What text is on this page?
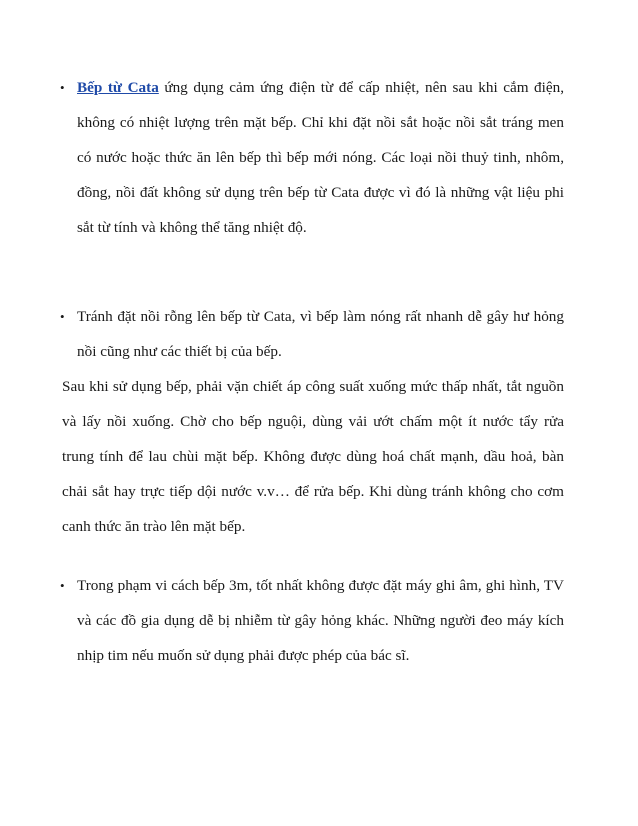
• Bếp từ Cata ứng dụng cảm ứng điện từ để cấp nhiệt, nên sau khi cắm điện, không có nhiệt lượng trên mặt bếp. Chỉ khi đặt nồi sắt hoặc nồi sắt tráng men có nước hoặc thức ăn lên bếp thì bếp mới nóng. Các loại nồi thuỷ tinh, nhôm, đồng, nồi đất không sử dụng trên bếp từ Cata được vì đó là những vật liệu phi sắt từ tính và không thể tăng nhiệt độ.
• Tránh đặt nồi rỗng lên bếp từ Cata, vì bếp làm nóng rất nhanh dễ gây hư hỏng nồi cũng như các thiết bị của bếp.
Sau khi sử dụng bếp, phải vặn chiết áp công suất xuống mức thấp nhất, tắt nguồn và lấy nồi xuống. Chờ cho bếp nguội, dùng vải ướt chấm một ít nước tẩy rửa trung tính để lau chùi mặt bếp. Không được dùng hoá chất mạnh, dầu hoả, bàn chải sắt hay trực tiếp dội nước v.v… để rửa bếp. Khi dùng tránh không cho cơm canh thức ăn trào lên mặt bếp.
• Trong phạm vi cách bếp 3m, tốt nhất không được đặt máy ghi âm, ghi hình, TV và các đồ gia dụng dễ bị nhiễm từ gây hỏng khác. Những người đeo máy kích nhịp tim nếu muốn sử dụng phải được phép của bác sĩ.
